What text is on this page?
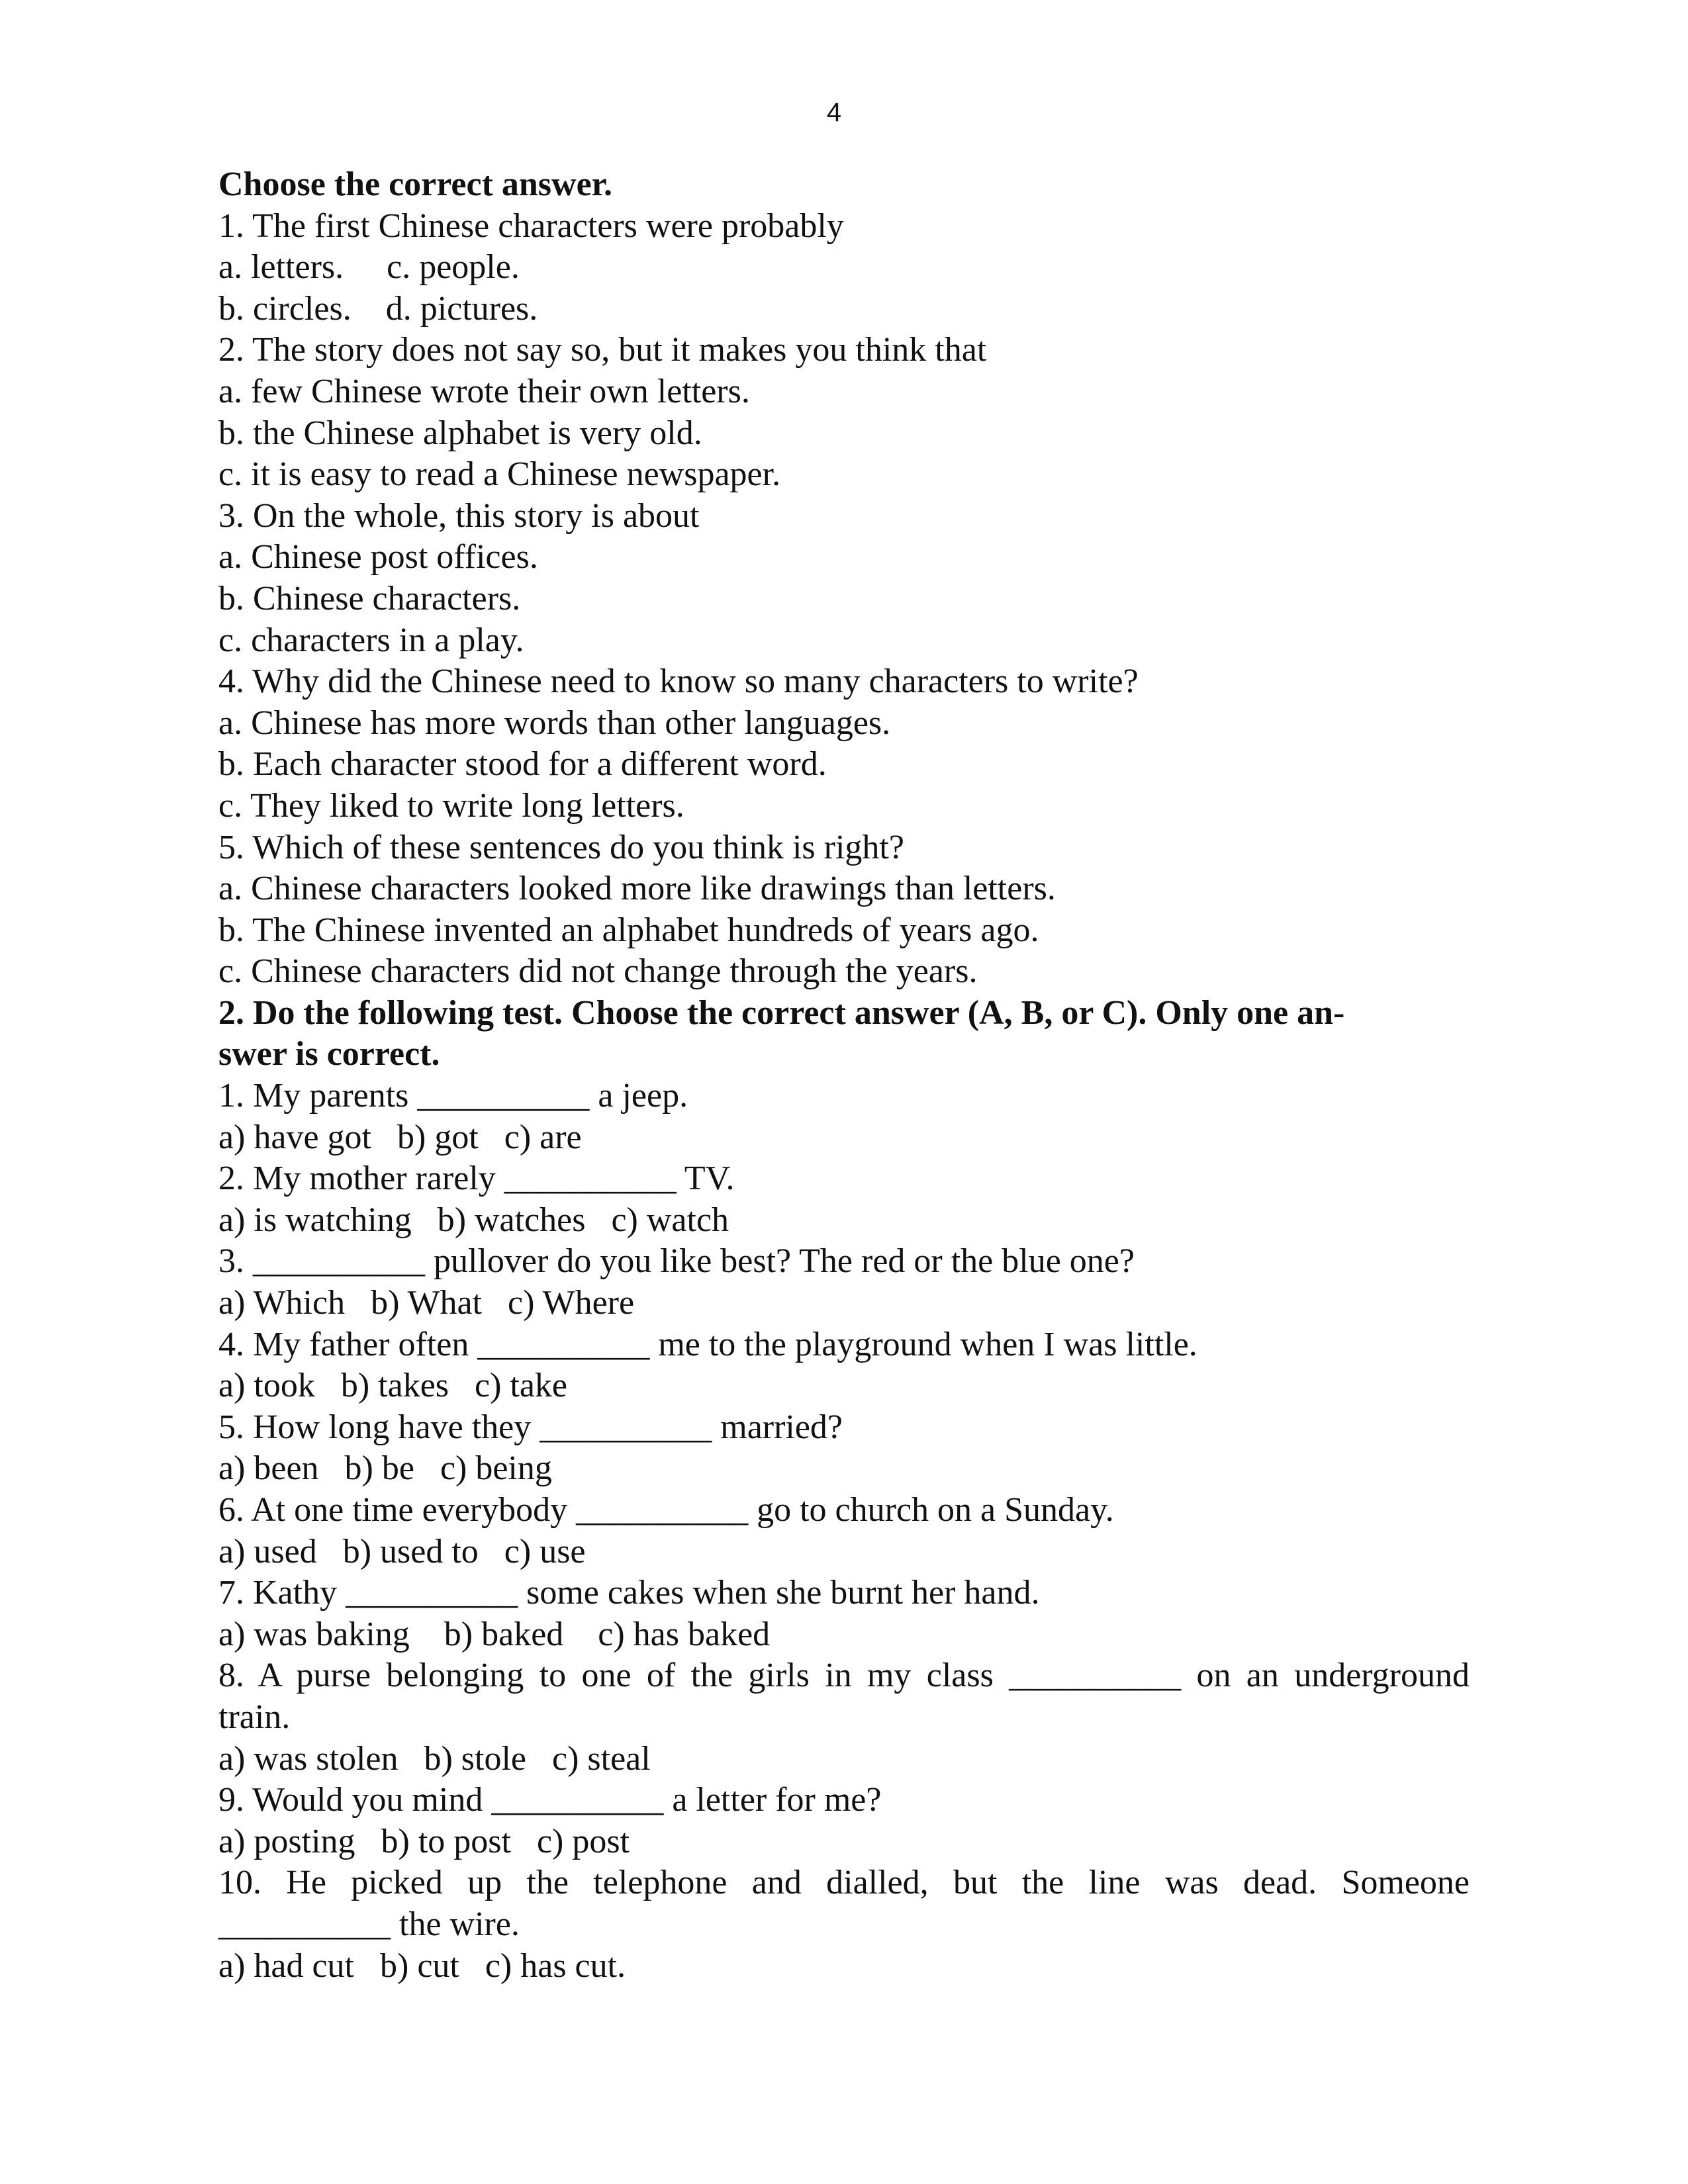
4
Choose the correct answer.
1. The first Chinese characters were probably
a. letters.     c. people.
b. circles.    d. pictures.
2. The story does not say so, but it makes you think that
a. few Chinese wrote their own letters.
b. the Chinese alphabet is very old.
c. it is easy to read a Chinese newspaper.
3. On the whole, this story is about
a. Chinese post offices.
b. Chinese characters.
c. characters in a play.
4. Why did the Chinese need to know so many characters to write?
a. Chinese has more words than other languages.
b. Each character stood for a different word.
c. They liked to write long letters.
5. Which of these sentences do you think is right?
a. Chinese characters looked more like drawings than letters.
b. The Chinese invented an alphabet hundreds of years ago.
c. Chinese characters did not change through the years.
2. Do the following test. Choose the correct answer (A, B, or C). Only one an-
swer is correct.
1. My parents __________ a jeep.
a) have got   b) got   c) are
2. My mother rarely __________ TV.
a) is watching   b) watches   c) watch
3. __________ pullover do you like best? The red or the blue one?
a) Which   b) What   c) Where
4. My father often __________ me to the playground when I was little.
a) took   b) takes   c) take
5. How long have they __________ married?
a) been   b) be   c) being
6. At one time everybody __________ go to church on a Sunday.
a) used   b) used to   c) use
7. Kathy __________ some cakes when she burnt her hand.
a) was baking    b) baked    c) has baked
8. A purse belonging to one of the girls in my class __________ on an underground
train.
a) was stolen   b) stole   c) steal
9. Would you mind __________ a letter for me?
a) posting   b) to post   c) post
10. He picked up the telephone and dialled, but the line was dead. Someone
__________ the wire.
a) had cut   b) cut   c) has cut.
